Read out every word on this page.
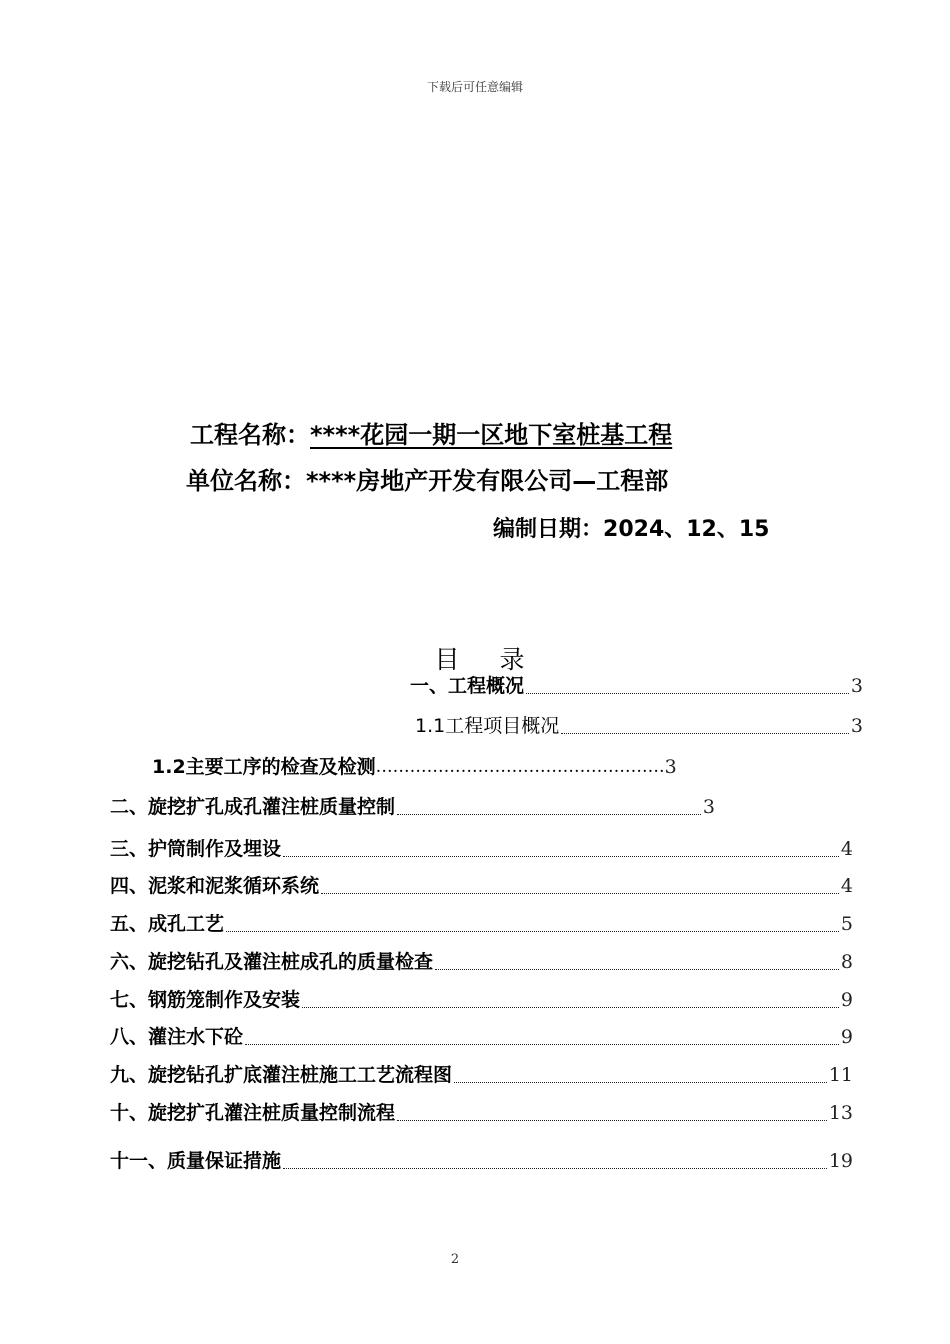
下载后可任意编辑
工程名称：****花园一期一区地下室桩基工程
单位名称：****房地产开发有限公司—工程部
编制日期：2024、12、15
目 录
一、工程概况	3
1.1工程项目概况	3
1.2主要工序的检查及检测 …………………………………………… 3
二、旋挖扩孔成孔灌注桩质量控制	3
三、护筒制作及埋设	4
四、泥浆和泥浆循环系统	4
五、成孔工艺	5
六、旋挖钻孔及灌注桩成孔的质量检查	8
七、钢筋笼制作及安装	9
八、灌注水下砼	9
九、旋挖钻孔扩底灌注桩施工工艺流程图	11
十、旋挖扩孔灌注桩质量控制流程	13
十一、质量保证措施	19
2
